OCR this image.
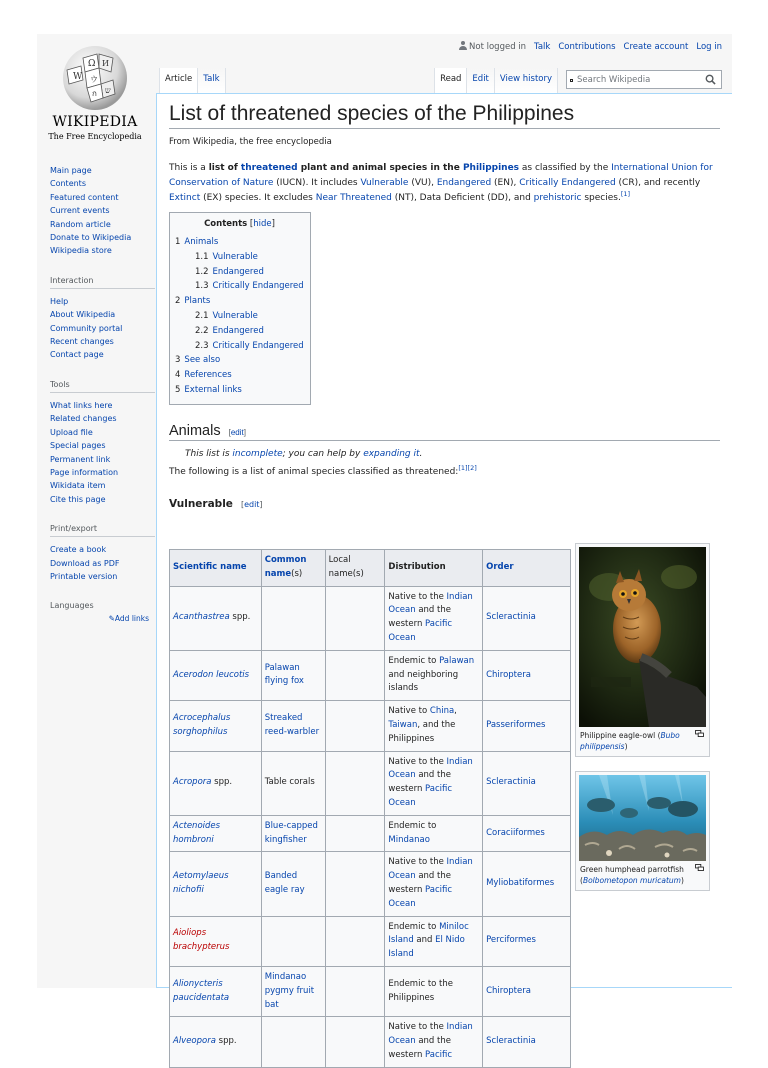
Not logged in Talk Contributions Create account Log in
W
Ω И
ウ
ש
ก
WIKIPEDIA
The Free Encyclopedia
Main page
Contents
Featured content
Current events
Random article
Donate to Wikipedia
Wikipedia store
Interaction
Help
About Wikipedia
Community portal
Recent changes
Contact page
Tools
What links here
Related changes
Upload file
Special pages
Permanent link
Page information
Wikidata item
Cite this page
Print/export
Create a book
Download as PDF
Printable version
Languages
✎Add links
Article	Talk	Read	Edit	View history
Search Wikipedia
List of threatened species of the Philippines
From Wikipedia, the free encyclopedia

This is a list of threatened plant and animal species in the Philippines as classified by the International Union for Conservation of Nature (IUCN). It includes Vulnerable (VU), Endangered (EN), Critically Endangered (CR), and recently Extinct (EX) species. It excludes Near Threatened (NT), Data Deficient (DD), and prehistoric species.[1]

Contents [hide]
1 Animals
1.1 Vulnerable
1.2 Endangered
1.3 Critically Endangered
2 Plants
2.1 Vulnerable
2.2 Endangered
2.3 Critically Endangered
3 See also
4 References
5 External links
Animals [edit]
This list is incomplete; you can help by expanding it.

The following is a list of animal species classified as threatened:[1][2]

Vulnerable [edit]
Scientific name	Common name(s)	Local name(s)	Distribution	Order
Acanthastrea spp.			Native to the Indian Ocean and the western Pacific Ocean	Scleractinia
Acerodon leucotis	Palawan flying fox		Endemic to Palawan and neighboring islands	Chiroptera
Acrocephalus sorghophilus	Streaked reed-warbler		Native to China, Taiwan, and the Philippines	Passeriformes
Acropora spp.	Table corals		Native to the Indian Ocean and the western Pacific Ocean	Scleractinia
Actenoides hombroni	Blue-capped kingfisher		Endemic to Mindanao	Coraciiformes
Aetomylaeus nichofii	Banded eagle ray		Native to the Indian Ocean and the western Pacific Ocean	Myliobatiformes
Aioliops brachypterus			Endemic to Miniloc Island and El Nido Island	Perciformes
Alionycteris paucidentata	Mindanao pygmy fruit bat		Endemic to the Philippines	Chiroptera
Alveopora spp.			Native to the Indian Ocean and the western Pacific	Scleractinia
Philippine eagle-owl (Bubo philippensis)
Green humphead parrotfish (Bolbometopon muricatum)
